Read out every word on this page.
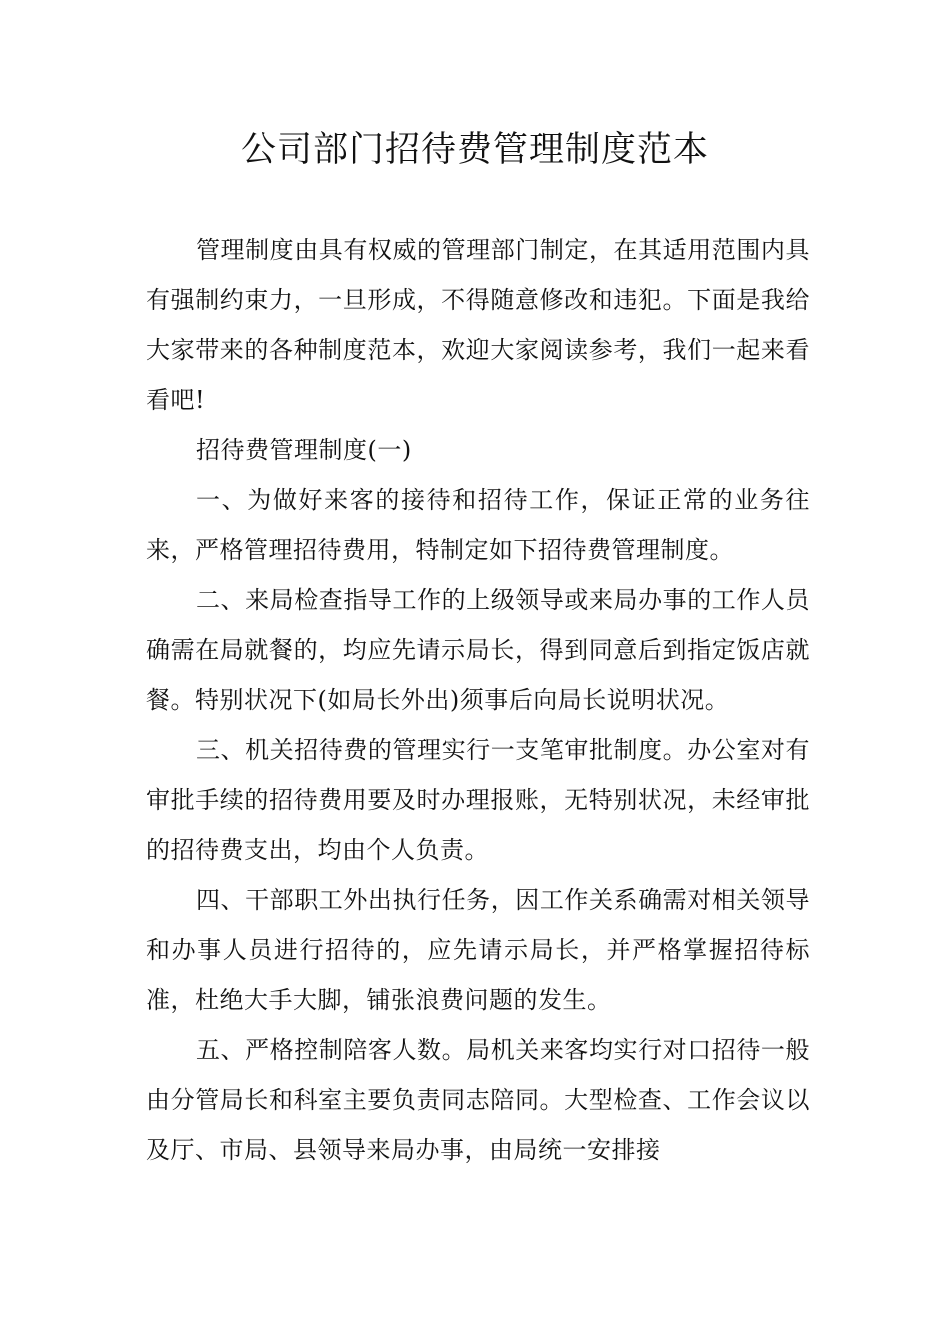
公司部门招待费管理制度范本

管理制度由具有权威的管理部门制定，在其适用范围内具有强制约束力，一旦形成，不得随意修改和违犯。下面是我给大家带来的各种制度范本，欢迎大家阅读参考，我们一起来看看吧!

招待费管理制度(一)

一、为做好来客的接待和招待工作，保证正常的业务往来，严格管理招待费用，特制定如下招待费管理制度。

二、来局检查指导工作的上级领导或来局办事的工作人员确需在局就餐的，均应先请示局长，得到同意后到指定饭店就餐。特别状况下(如局长外出)须事后向局长说明状况。

三、机关招待费的管理实行一支笔审批制度。办公室对有审批手续的招待费用要及时办理报账，无特别状况，未经审批的招待费支出，均由个人负责。

四、干部职工外出执行任务，因工作关系确需对相关领导和办事人员进行招待的，应先请示局长，并严格掌握招待标准，杜绝大手大脚，铺张浪费问题的发生。

五、严格控制陪客人数。局机关来客均实行对口招待一般由分管局长和科室主要负责同志陪同。大型检查、工作会议以及厅、市局、县领导来局办事，由局统一安排接
